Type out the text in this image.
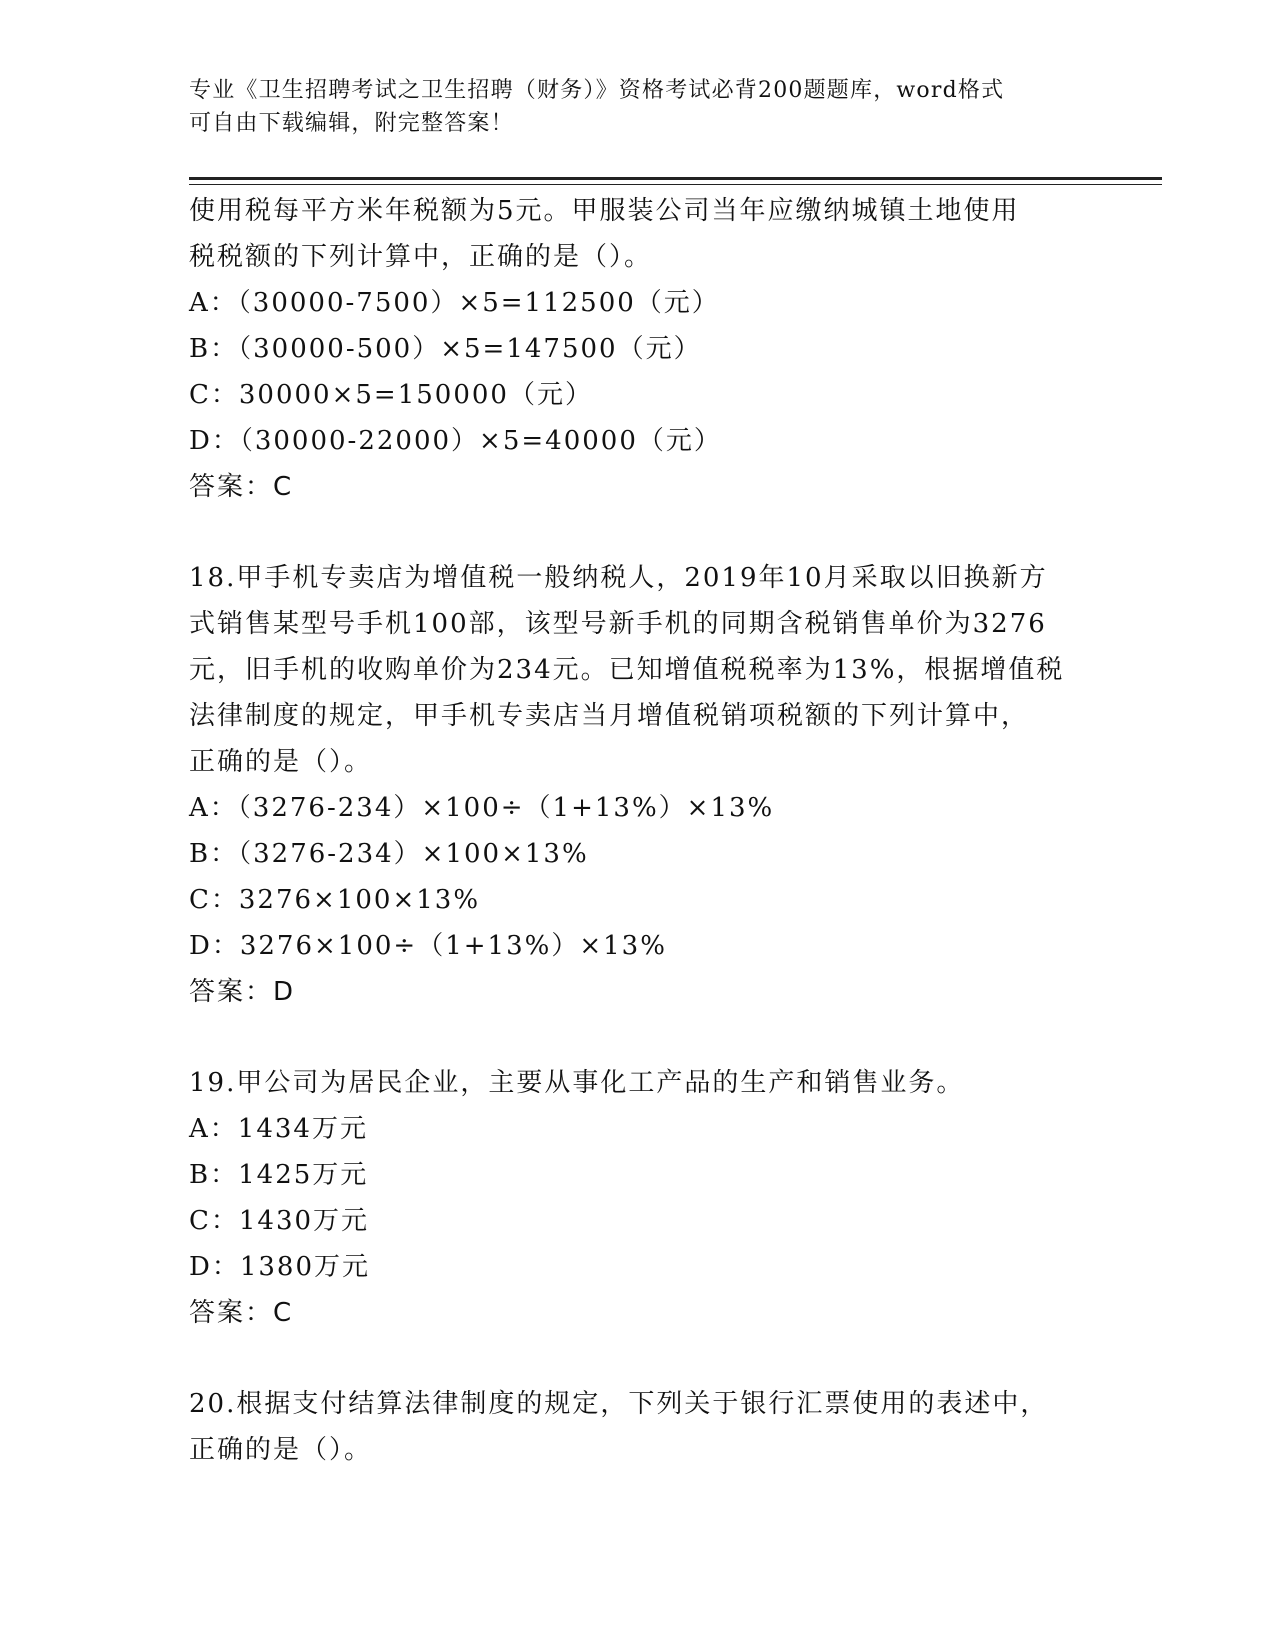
专业《卫生招聘考试之卫生招聘（财务）》资格考试必背200题题库，word格式
可自由下载编辑，附完整答案！
使用税每平方米年税额为5元。甲服装公司当年应缴纳城镇土地使用
税税额的下列计算中，正确的是（）。
A：（30000-7500）×5=112500（元）
B：（30000-500）×5=147500（元）
C：30000×5=150000（元）
D：（30000-22000）×5=40000（元）
答案：C
18.甲手机专卖店为增值税一般纳税人，2019年10月采取以旧换新方
式销售某型号手机100部，该型号新手机的同期含税销售单价为3276
元，旧手机的收购单价为234元。已知增值税税率为13%，根据增值税
法律制度的规定，甲手机专卖店当月增值税销项税额的下列计算中，
正确的是（）。
A：（3276-234）×100÷（1+13%）×13%
B：（3276-234）×100×13%
C：3276×100×13%
D：3276×100÷（1+13%）×13%
答案：D
19.甲公司为居民企业，主要从事化工产品的生产和销售业务。
A：1434万元
B：1425万元
C：1430万元
D：1380万元
答案：C
20.根据支付结算法律制度的规定，下列关于银行汇票使用的表述中，
正确的是（）。
